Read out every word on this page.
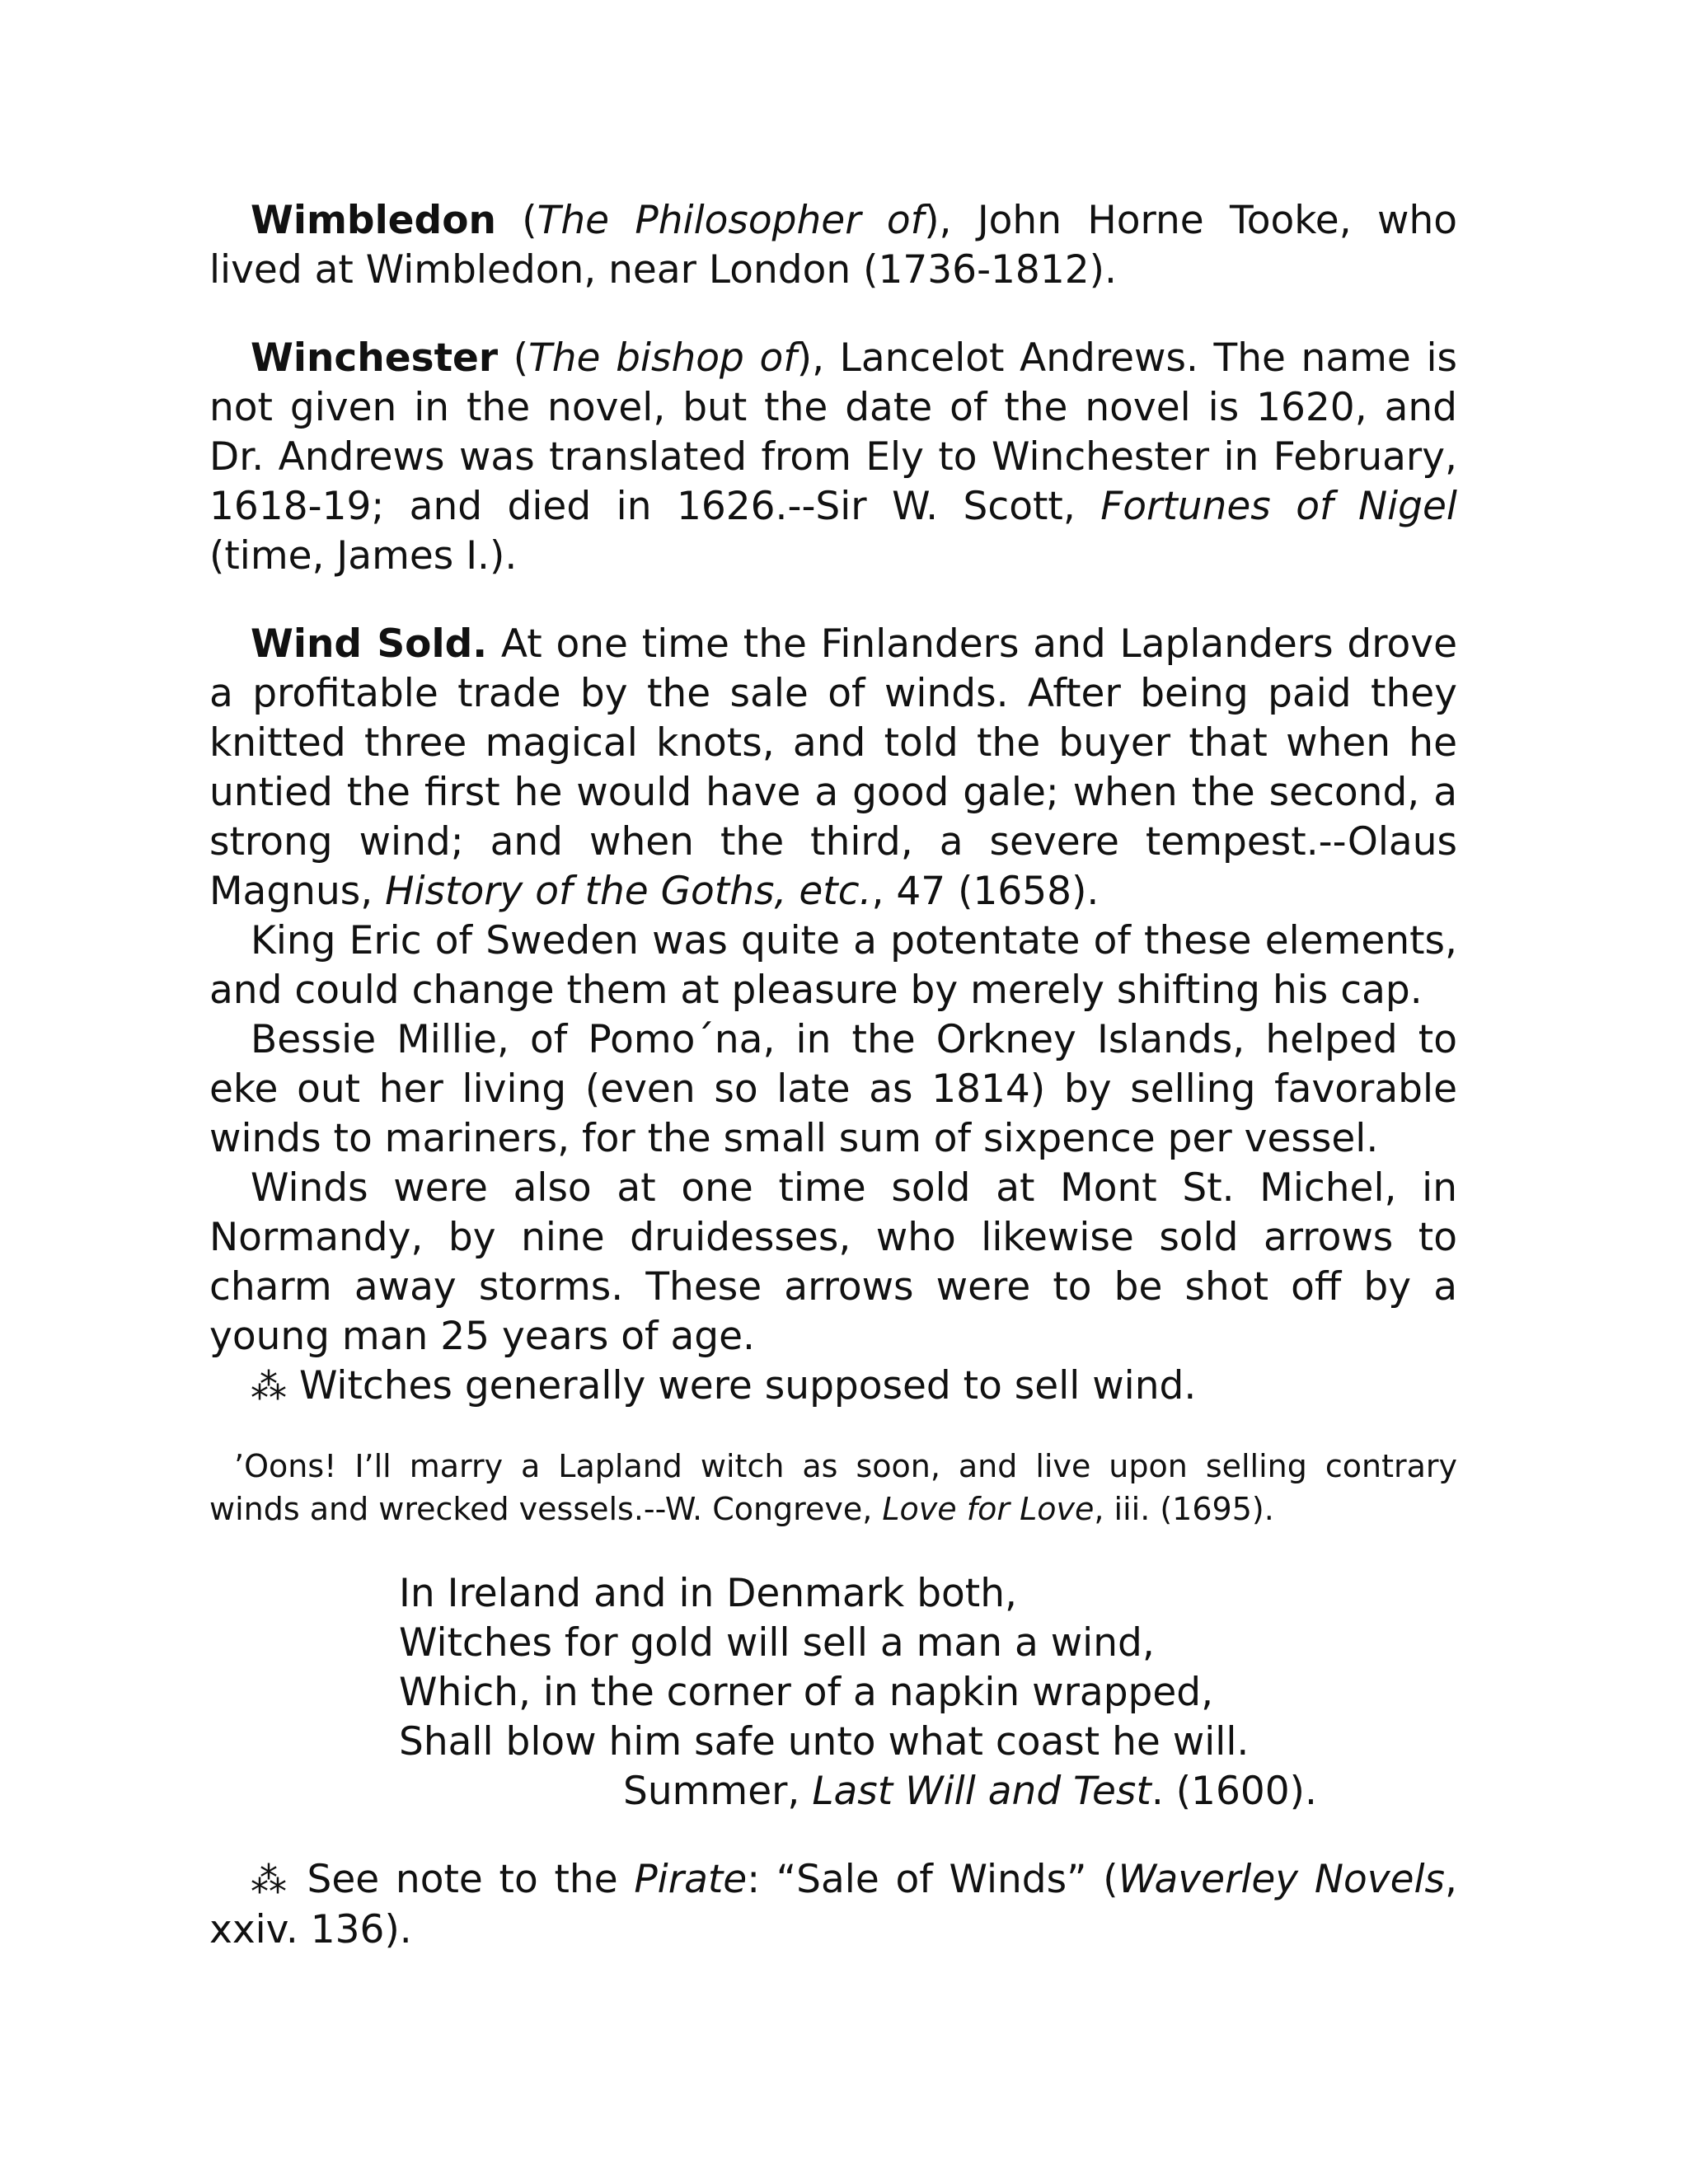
Wimbledon (The Philosopher of), John Horne Tooke, who lived at Wimbledon, near London (1736-1812).

Winchester (The bishop of), Lancelot Andrews. The name is not given in the novel, but the date of the novel is 1620, and Dr. Andrews was translated from Ely to Winchester in February, 1618-19; and died in 1626.--Sir W. Scott, Fortunes of Nigel (time, James I.).

Wind Sold. At one time the Finlanders and Laplanders drove a profitable trade by the sale of winds. After being paid they knitted three magical knots, and told the buyer that when he untied the first he would have a good gale; when the second, a strong wind; and when the third, a severe tempest.--Olaus Magnus, History of the Goths, etc., 47 (1658).

King Eric of Sweden was quite a potentate of these elements, and could change them at pleasure by merely shifting his cap.

Bessie Millie, of Pomo´na, in the Orkney Islands, helped to eke out her living (even so late as 1814) by selling favorable winds to mariners, for the small sum of sixpence per vessel.

Winds were also at one time sold at Mont St. Michel, in Normandy, by nine druidesses, who likewise sold arrows to charm away storms. These arrows were to be shot off by a young man 25 years of age.

⁂ Witches generally were supposed to sell wind.

’Oons! I’ll marry a Lapland witch as soon, and live upon selling contrary winds and wrecked vessels.--W. Congreve, Love for Love, iii. (1695).

In Ireland and in Denmark both,
Witches for gold will sell a man a wind,
Which, in the corner of a napkin wrapped,
Shall blow him safe unto what coast he will.
Summer, Last Will and Test. (1600).

⁂ See note to the Pirate: “Sale of Winds” (Waverley Novels, xxiv. 136).
